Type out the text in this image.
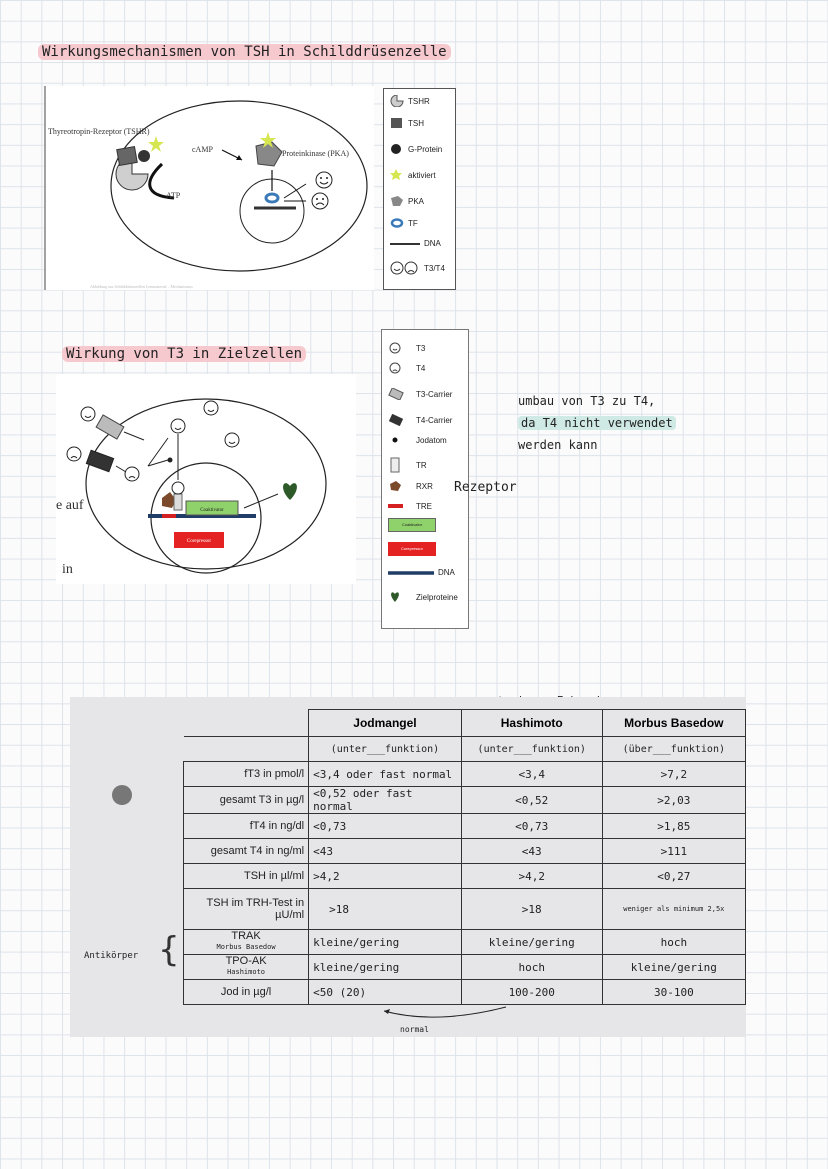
Wirkungsmechanismen von TSH in Schilddrüsenzelle
Thyreotropin-Rezeptor (TSHR)
cAMP
ATP
Proteinkinase (PKA)
Abbildung aus Schilddrüsenzellen Lernmaterial – Mechanismus
TSHR
TSH
G-Protein
aktiviert
PKA
TF
DNA
T3/T4
Wirkung von T3 in Zielzellen
Coaktivator
Corepressor
e auf
in
T3
T4
T3-Carrier
T4-Carrier
Jodatom
TR
RXR
TRE
Coaktivator
Corepressor
DNA
Zielproteine
Rezeptor
umbau von T3 zu T4,
da T4 nicht verwendet
werden kann
	Jodmangel	Hashimoto	Morbus Basedow
	(unter___funktion)	(unter___funktion)	(über___funktion)
fT3 in pmol/l	<3,4 oder fast normal	<3,4	>7,2
gesamt T3 in µg/l	<0,52 oder fast normal	<0,52	>2,03
fT4 in ng/dl	<0,73	<0,73	>1,85
gesamt T4 in ng/ml	<43	<43	>111
TSH in µl/ml	>4,2	>4,2	<0,27
TSH im TRH-Test in µU/ml	>18	>18	weniger als minimum 2,5x

TRAK
Morbus Basedow	kleine/gering	kleine/gering	hoch

TPO-AK
Hashimoto	kleine/gering	hoch	kleine/gering
Jod in µg/l	<50 (20)	100-200	30-100
Antikörper {
normal
